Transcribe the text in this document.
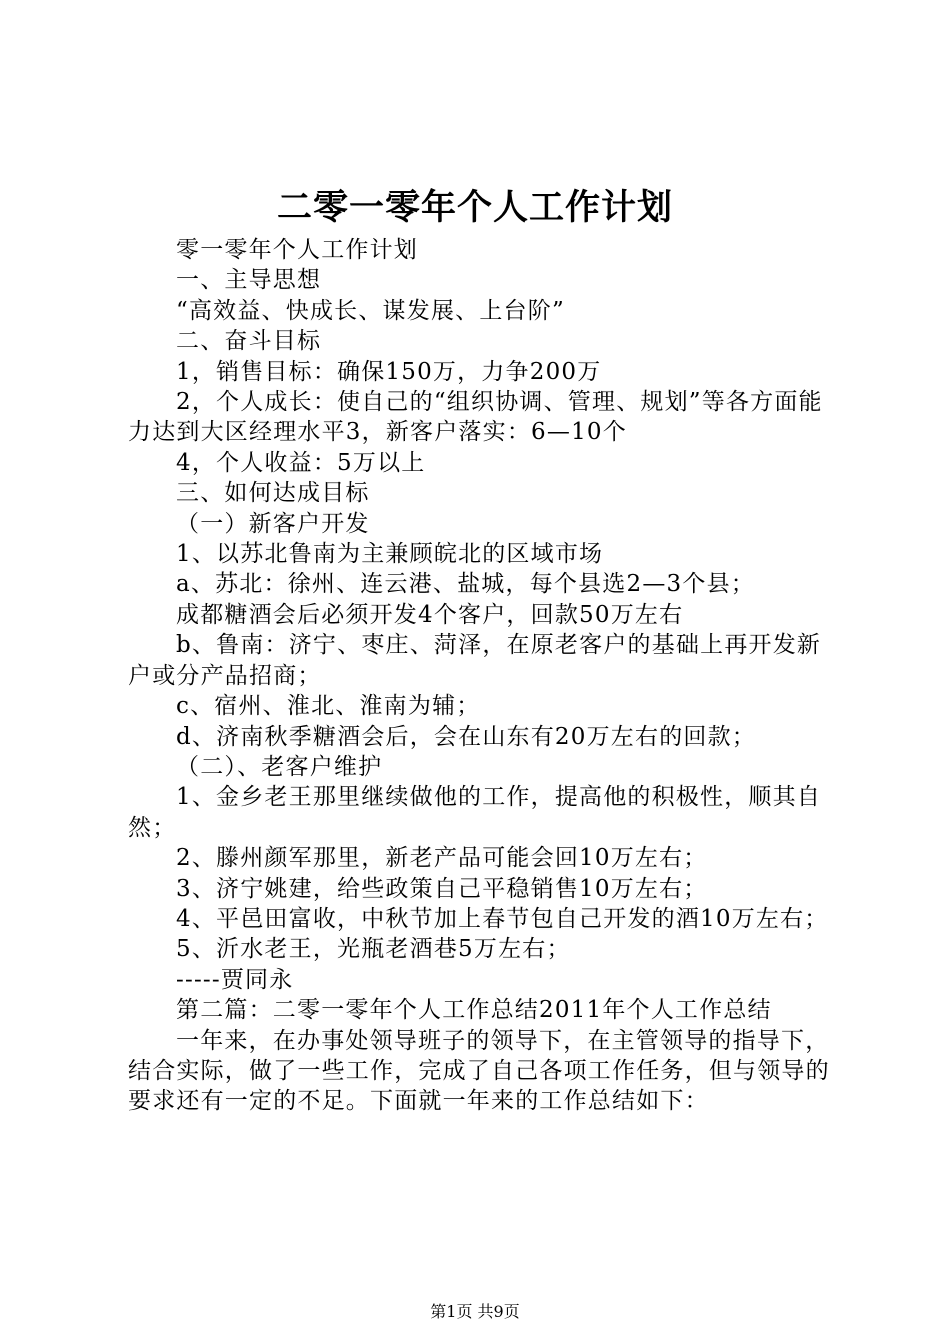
二零一零年个人工作计划

零一零年个人工作计划

一、主导思想

“高效益、快成长、谋发展、上台阶”

二、奋斗目标

1，销售目标：确保150万，力争200万

2，个人成长：使自己的“组织协调、管理、规划”等各方面能力达到大区经理水平3，新客户落实：6—10个

4，个人收益：5万以上

三、如何达成目标

（一）新客户开发

1、以苏北鲁南为主兼顾皖北的区域市场

a、苏北：徐州、连云港、盐城，每个县选2—3个县；

成都糖酒会后必须开发4个客户，回款50万左右

b、鲁南：济宁、枣庄、菏泽，在原老客户的基础上再开发新户或分产品招商；

c、宿州、淮北、淮南为辅；

d、济南秋季糖酒会后，会在山东有20万左右的回款；

（二）、老客户维护

1、金乡老王那里继续做他的工作，提高他的积极性，顺其自然；

2、滕州颜军那里，新老产品可能会回10万左右；

3、济宁姚建，给些政策自己平稳销售10万左右；

4、平邑田富收，中秋节加上春节包自己开发的酒10万左右；

5、沂水老王，光瓶老酒巷5万左右；

-----贾同永

第二篇：二零一零年个人工作总结2011年个人工作总结

一年来，在办事处领导班子的领导下，在主管领导的指导下，结合实际，做了一些工作，完成了自己各项工作任务，但与领导的要求还有一定的不足。下面就一年来的工作总结如下：

第1页 共9页
